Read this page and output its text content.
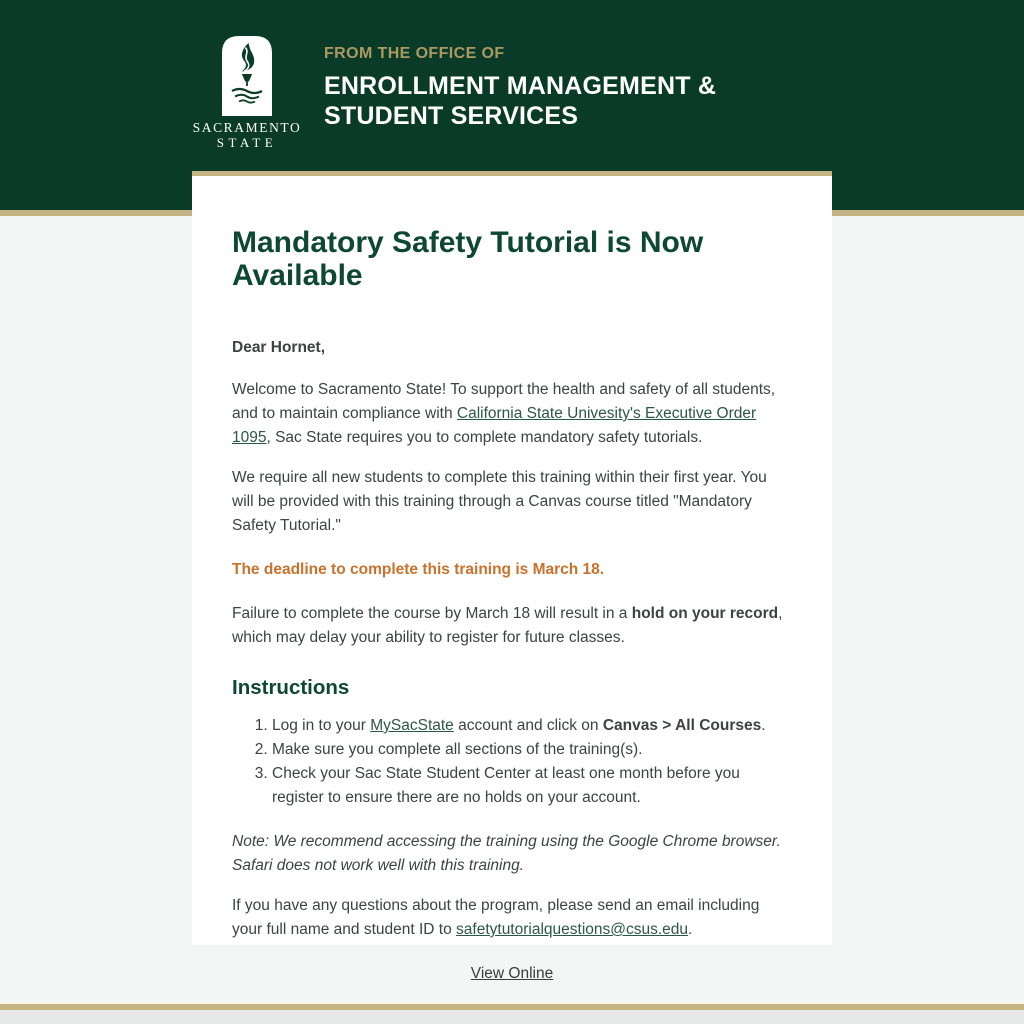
SACRAMENTO
STATE
FROM THE OFFICE OF
ENROLLMENT MANAGEMENT &
STUDENT SERVICES
Mandatory Safety Tutorial is Now Available

Dear Hornet,

Welcome to Sacramento State! To support the health and safety of all students, and to maintain compliance with California State Univesity's Executive Order 1095, Sac State requires you to complete mandatory safety tutorials.

We require all new students to complete this training within their first year. You will be provided with this training through a Canvas course titled "Mandatory Safety Tutorial."

The deadline to complete this training is March 18.

Failure to complete the course by March 18 will result in a hold on your record, which may delay your ability to register for future classes.

Instructions
1. Log in to your MySacState account and click on Canvas > All Courses.
2. Make sure you complete all sections of the training(s).
3. Check your Sac State Student Center at least one month before you register to ensure there are no holds on your account.

Note: We recommend accessing the training using the Google Chrome browser. Safari does not work well with this training.

If you have any questions about the program, please send an email including your full name and student ID to safetytutorialquestions@csus.edu.

View Online
